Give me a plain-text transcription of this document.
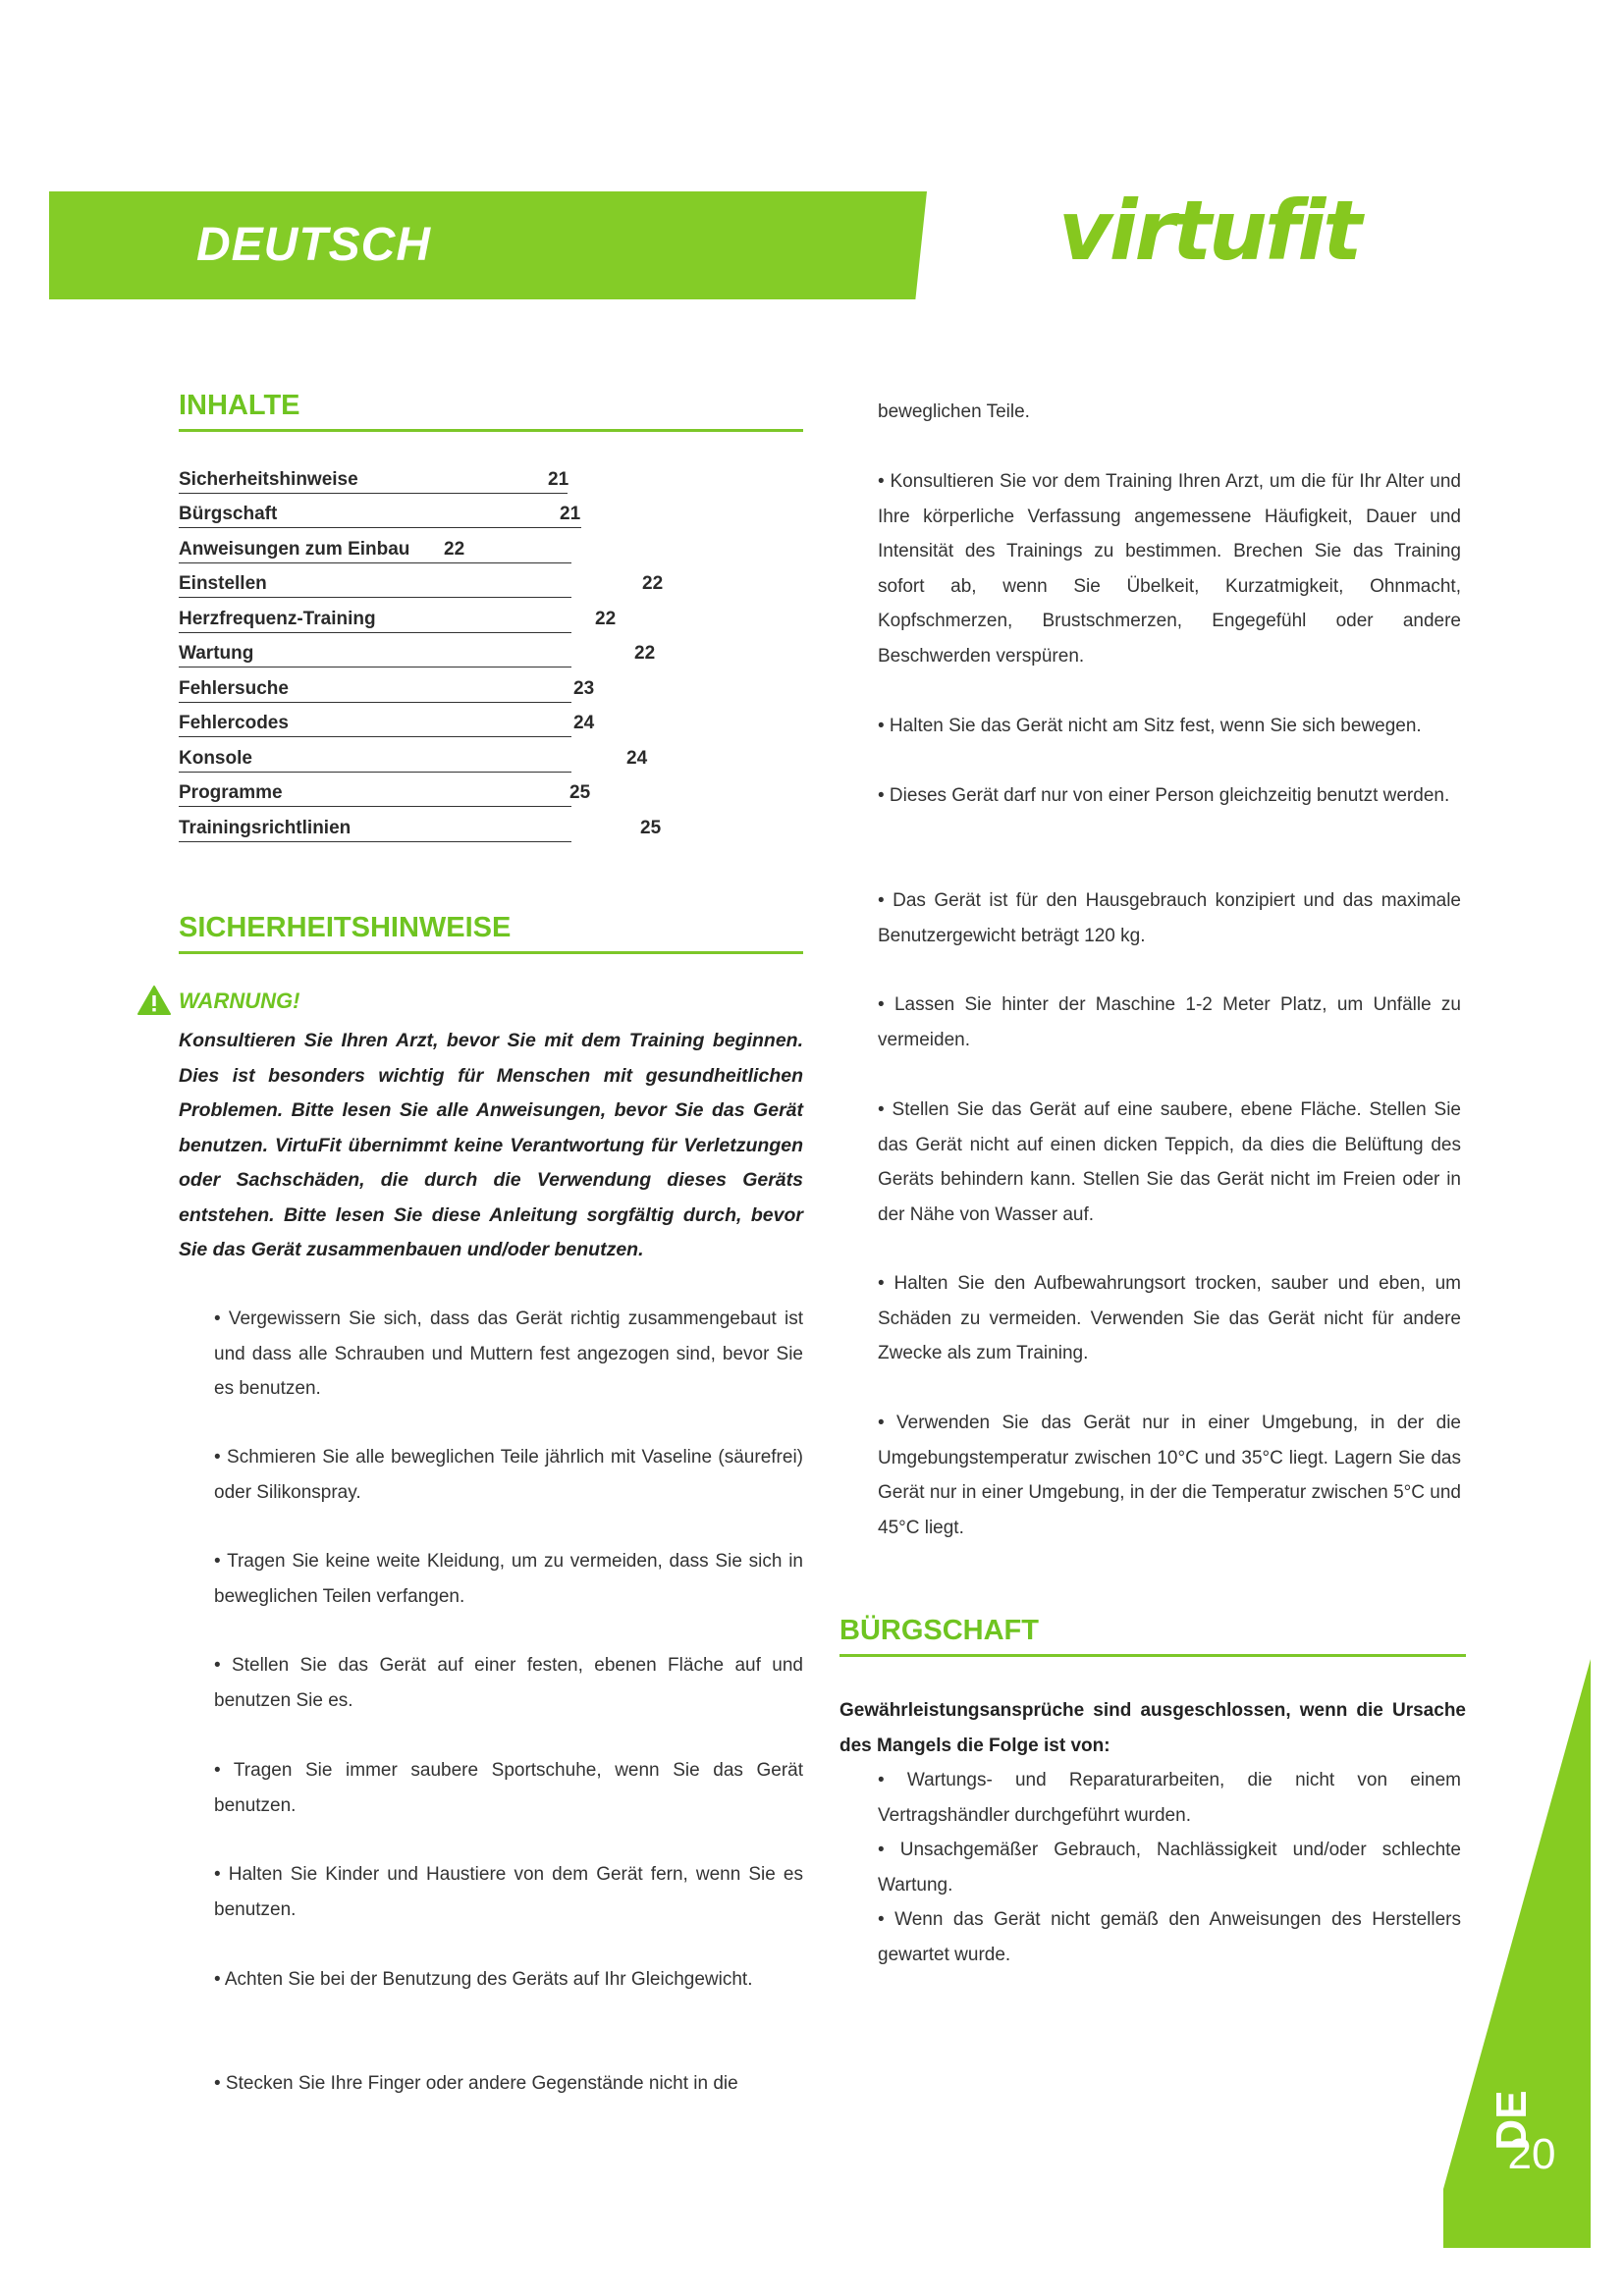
DEUTSCH	virtufit
INHALTE
Sicherheitshinweise	21
Bürgschaft	21
Anweisungen zum Einbau 22
Einstellen	22
Herzfrequenz-Training	22
Wartung	22
Fehlersuche	23
Fehlercodes	24
Konsole	24
Programme	25
Trainingsrichtlinien	25
SICHERHEITSHINWEISE
WARNUNG!

Konsultieren Sie Ihren Arzt, bevor Sie mit dem Training beginnen. Dies ist besonders wichtig für Menschen mit gesundheitlichen Problemen. Bitte lesen Sie alle Anweisungen, bevor Sie das Gerät benutzen. VirtuFit übernimmt keine Verantwortung für Verletzungen oder Sachschäden, die durch die Verwendung dieses Geräts entstehen. Bitte lesen Sie diese Anleitung sorgfältig durch, bevor Sie das Gerät zusammenbauen und/oder benutzen.

• Vergewissern Sie sich, dass das Gerät richtig zusammengebaut ist und dass alle Schrauben und Muttern fest angezogen sind, bevor Sie es benutzen.

• Schmieren Sie alle beweglichen Teile jährlich mit Vaseline (säurefrei) oder Silikonspray.

• Tragen Sie keine weite Kleidung, um zu vermeiden, dass Sie sich in beweglichen Teilen verfangen.

• Stellen Sie das Gerät auf einer festen, ebenen Fläche auf und benutzen Sie es.

• Tragen Sie immer saubere Sportschuhe, wenn Sie das Gerät benutzen.

• Halten Sie Kinder und Haustiere von dem Gerät fern, wenn Sie es benutzen.

• Achten Sie bei der Benutzung des Geräts auf Ihr Gleichgewicht.

• Stecken Sie Ihre Finger oder andere Gegenstände nicht in die

beweglichen Teile.

• Konsultieren Sie vor dem Training Ihren Arzt, um die für Ihr Alter und Ihre körperliche Verfassung angemessene Häufigkeit, Dauer und Intensität des Trainings zu bestimmen. Brechen Sie das Training sofort ab, wenn Sie Übelkeit, Kurzatmigkeit, Ohnmacht, Kopfschmerzen, Brustschmerzen, Engegefühl oder andere Beschwerden verspüren.

• Halten Sie das Gerät nicht am Sitz fest, wenn Sie sich bewegen.

• Dieses Gerät darf nur von einer Person gleichzeitig benutzt werden.

• Das Gerät ist für den Hausgebrauch konzipiert und das maximale Benutzergewicht beträgt 120 kg.

• Lassen Sie hinter der Maschine 1-2 Meter Platz, um Unfälle zu vermeiden.

• Stellen Sie das Gerät auf eine saubere, ebene Fläche. Stellen Sie das Gerät nicht auf einen dicken Teppich, da dies die Belüftung des Geräts behindern kann. Stellen Sie das Gerät nicht im Freien oder in der Nähe von Wasser auf.

• Halten Sie den Aufbewahrungsort trocken, sauber und eben, um Schäden zu vermeiden. Verwenden Sie das Gerät nicht für andere Zwecke als zum Training.

• Verwenden Sie das Gerät nur in einer Umgebung, in der die Umgebungstemperatur zwischen 10°C und 35°C liegt. Lagern Sie das Gerät nur in einer Umgebung, in der die Temperatur zwischen 5°C und 45°C liegt.

BÜRGSCHAFT

Gewährleistungsansprüche sind ausgeschlossen, wenn die Ursache des Mangels die Folge ist von:

• Wartungs- und Reparaturarbeiten, die nicht von einem Vertragshändler durchgeführt wurden.

• Unsachgemäßer Gebrauch, Nachlässigkeit und/oder schlechte Wartung.

• Wenn das Gerät nicht gemäß den Anweisungen des Herstellers gewartet wurde.

DE
20
